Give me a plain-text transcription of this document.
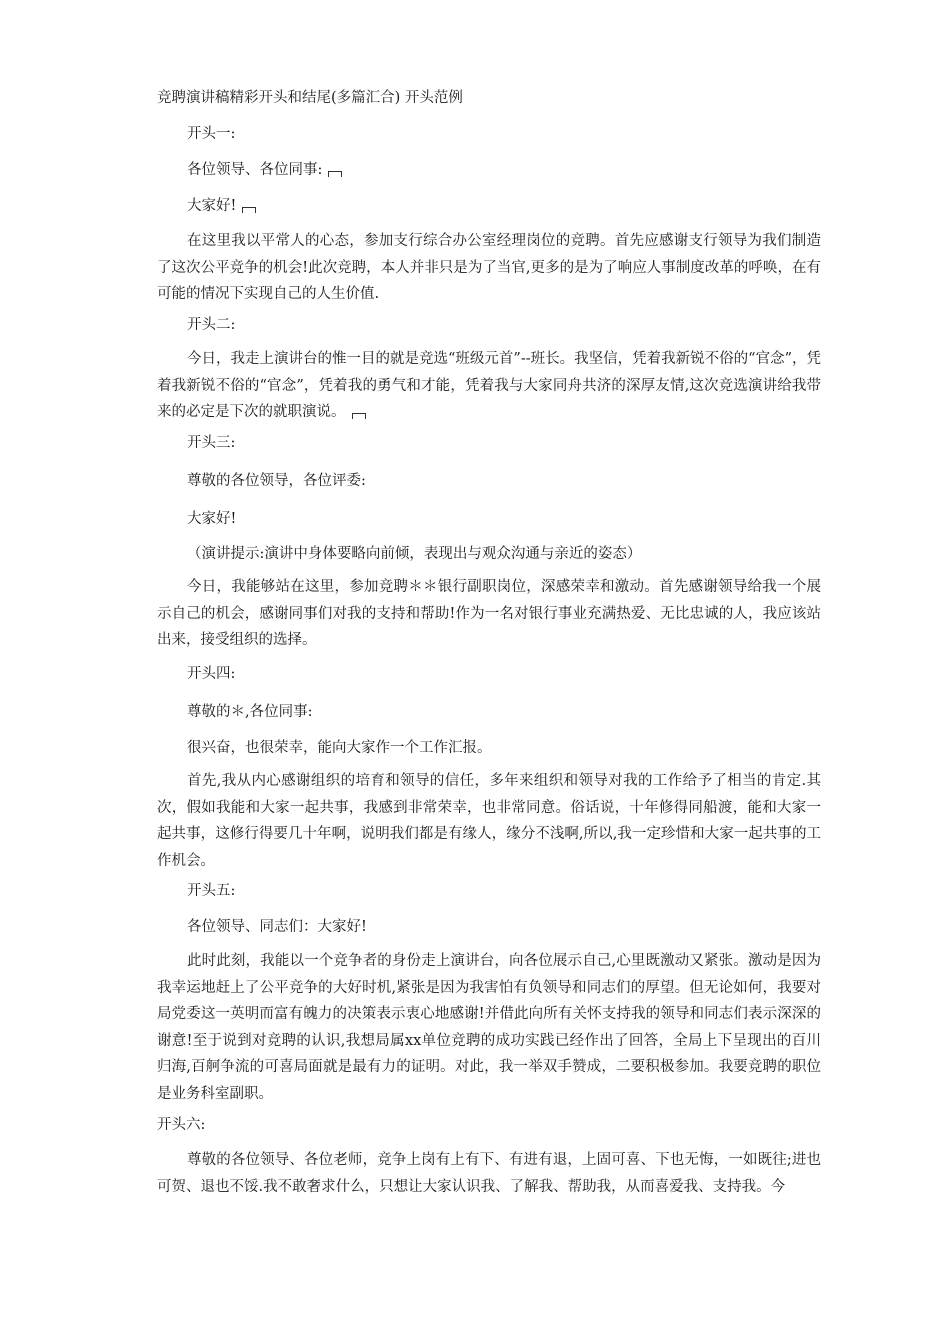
竞聘演讲稿精彩开头和结尾(多篇汇合) 开头范例
开头一:
各位领导、各位同事:
大家好!
在这里我以平常人的心态，参加支行综合办公室经理岗位的竞聘。首先应感谢支行领导为我们制造了这次公平竞争的机会!此次竞聘，本人并非只是为了当官,更多的是为了响应人事制度改革的呼唤，在有可能的情况下实现自己的人生价值.
开头二:
今日，我走上演讲台的惟一目的就是竞选“班级元首”--班长。我坚信，凭着我新锐不俗的“官念”，凭着我新锐不俗的“官念”，凭着我的勇气和才能，凭着我与大家同舟共济的深厚友情,这次竞选演讲给我带来的必定是下次的就职演说。
开头三:
尊敬的各位领导，各位评委:
大家好!
（演讲提示:演讲中身体要略向前倾，表现出与观众沟通与亲近的姿态）
今日，我能够站在这里，参加竞聘＊＊银行副职岗位，深感荣幸和激动。首先感谢领导给我一个展示自己的机会，感谢同事们对我的支持和帮助!作为一名对银行事业充满热爱、无比忠诚的人，我应该站出来，接受组织的选择。
开头四:
尊敬的＊,各位同事:
很兴奋，也很荣幸，能向大家作一个工作汇报。
首先,我从内心感谢组织的培育和领导的信任，多年来组织和领导对我的工作给予了相当的肯定.其次，假如我能和大家一起共事，我感到非常荣幸，也非常同意。俗话说，十年修得同船渡，能和大家一起共事，这修行得要几十年啊，说明我们都是有缘人，缘分不浅啊,所以,我一定珍惜和大家一起共事的工作机会。
开头五:
各位领导、同志们：大家好!
此时此刻，我能以一个竞争者的身份走上演讲台，向各位展示自己,心里既激动又紧张。激动是因为我幸运地赶上了公平竞争的大好时机,紧张是因为我害怕有负领导和同志们的厚望。但无论如何，我要对局党委这一英明而富有魄力的决策表示衷心地感谢!并借此向所有关怀支持我的领导和同志们表示深深的谢意!至于说到对竞聘的认识,我想局属xx单位竞聘的成功实践已经作出了回答，全局上下呈现出的百川归海,百舸争流的可喜局面就是最有力的证明。对此，我一举双手赞成，二要积极参加。我要竞聘的职位是业务科室副职。
开头六:
尊敬的各位领导、各位老师，竞争上岗有上有下、有进有退，上固可喜、下也无悔，一如既往;进也可贺、退也不馁.我不敢奢求什么，只想让大家认识我、了解我、帮助我，从而喜爱我、支持我。今
